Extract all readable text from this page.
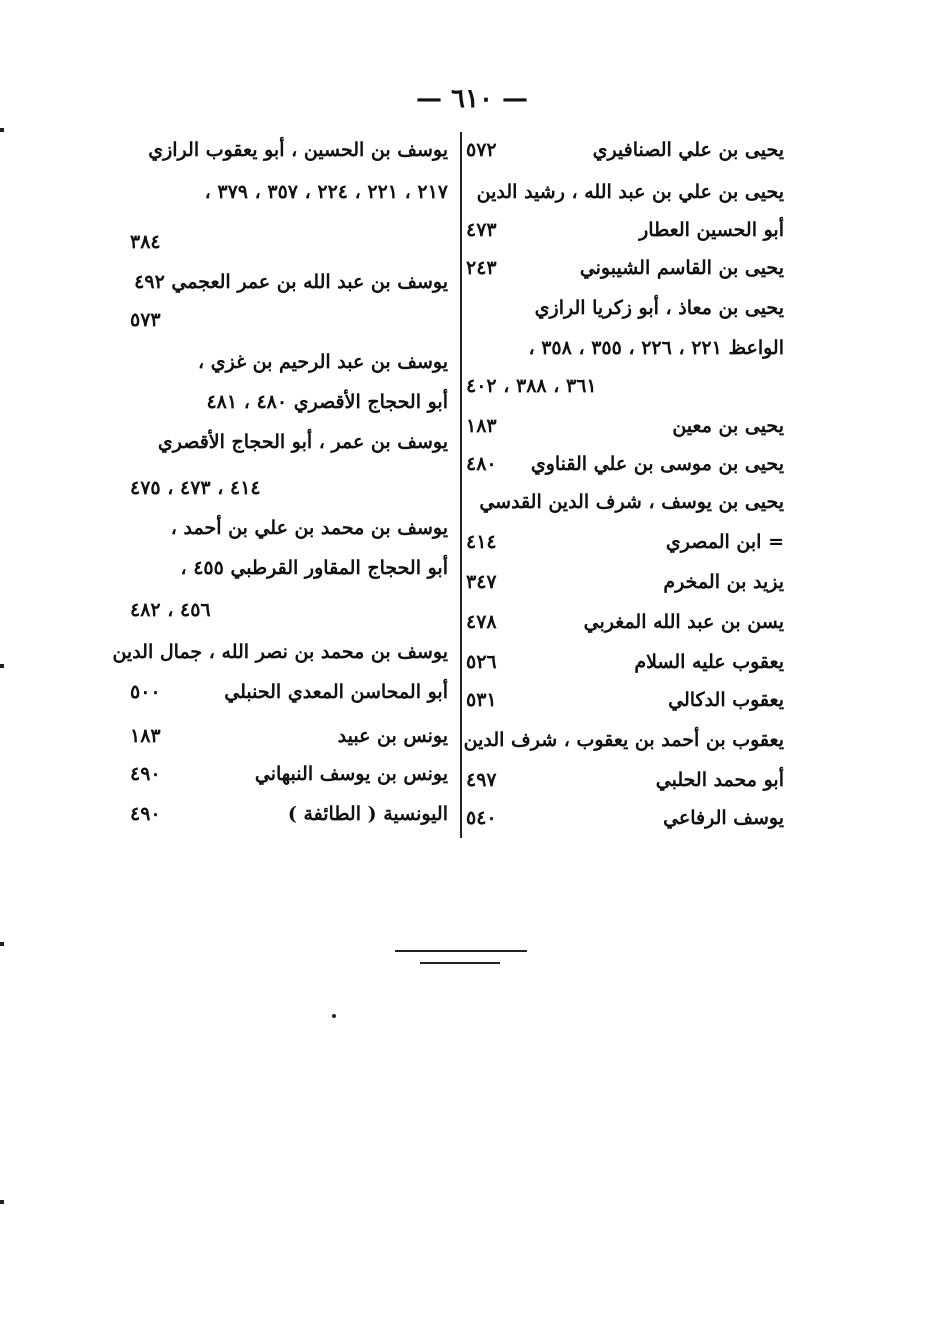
— ٦١٠ —
يحيى بن علي الصنافيري
٥٧٢
يحيى بن علي بن عبد الله ، رشيد الدين
أبو الحسين العطار
٤٧٣
يحيى بن القاسم الشيبوني
٢٤٣
يحيى بن معاذ ، أبو زكريا الرازي
الواعظ ٢٢١ ، ٢٢٦ ، ٣٥٥ ، ٣٥٨ ،
٣٦١ ، ٣٨٨ ، ٤٠٢
يحيى بن معين
١٨٣
يحيى بن موسى بن علي القناوي
٤٨٠
يحيى بن يوسف ، شرف الدين القدسي
= ابن المصري
٤١٤
يزيد بن المخرم
٣٤٧
يسن بن عبد الله المغربي
٤٧٨
يعقوب عليه السلام
٥٢٦
يعقوب الدكالي
٥٣١
يعقوب بن أحمد بن يعقوب ، شرف الدين
أبو محمد الحلبي
٤٩٧
يوسف الرفاعي
٥٤٠
يوسف بن الحسين ، أبو يعقوب الرازي
٢١٧ ، ٢٢١ ، ٢٢٤ ، ٣٥٧ ، ٣٧٩ ،
٣٨٤
يوسف بن عبد الله بن عمر العجمي ٤٩٢
٥٧٣
يوسف بن عبد الرحيم بن غزي ،
أبو الحجاج الأقصري ٤٨٠ ، ٤٨١
يوسف بن عمر ، أبو الحجاج الأقصري
٤١٤ ، ٤٧٣ ، ٤٧٥
يوسف بن محمد بن علي بن أحمد ،
أبو الحجاج المقاور القرطبي ٤٥٥ ،
٤٥٦ ، ٤٨٢
يوسف بن محمد بن نصر الله ، جمال الدين
أبو المحاسن المعدي الحنبلي
٥٠٠
يونس بن عبيد
١٨٣
يونس بن يوسف النبهاني
٤٩٠
اليونسية ( الطائفة )
٤٩٠
